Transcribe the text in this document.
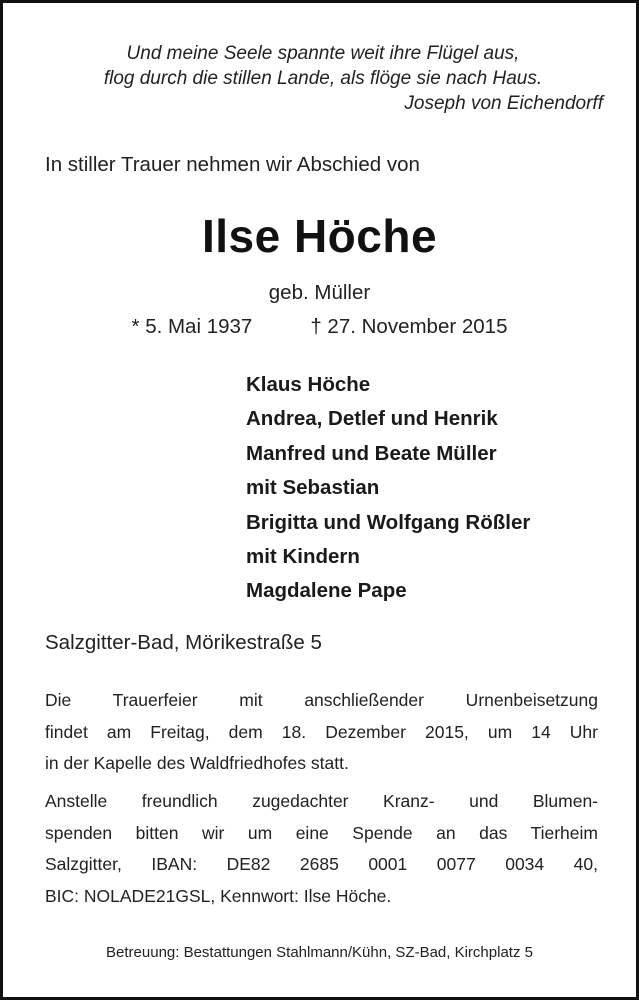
Und meine Seele spannte weit ihre Flügel aus,
flog durch die stillen Lande, als flöge sie nach Haus.
Joseph von Eichendorff
In stiller Trauer nehmen wir Abschied von
Ilse Höche
geb. Müller
* 5. Mai 1937	† 27. November 2015
Klaus Höche
Andrea, Detlef und Henrik
Manfred und Beate Müller
mit Sebastian
Brigitta und Wolfgang Rößler
mit Kindern
Magdalene Pape
Salzgitter-Bad, Mörikestraße 5
Die Trauerfeier mit anschließender Urnenbeisetzung
findet am Freitag, dem 18. Dezember 2015, um 14 Uhr
in der Kapelle des Waldfriedhofes statt.
Anstelle freundlich zugedachter Kranz- und Blumen-
spenden bitten wir um eine Spende an das Tierheim
Salzgitter, IBAN: DE82 2685 0001 0077 0034 40,
BIC: NOLADE21GSL, Kennwort: Ilse Höche.
Betreuung: Bestattungen Stahlmann/Kühn, SZ-Bad, Kirchplatz 5
